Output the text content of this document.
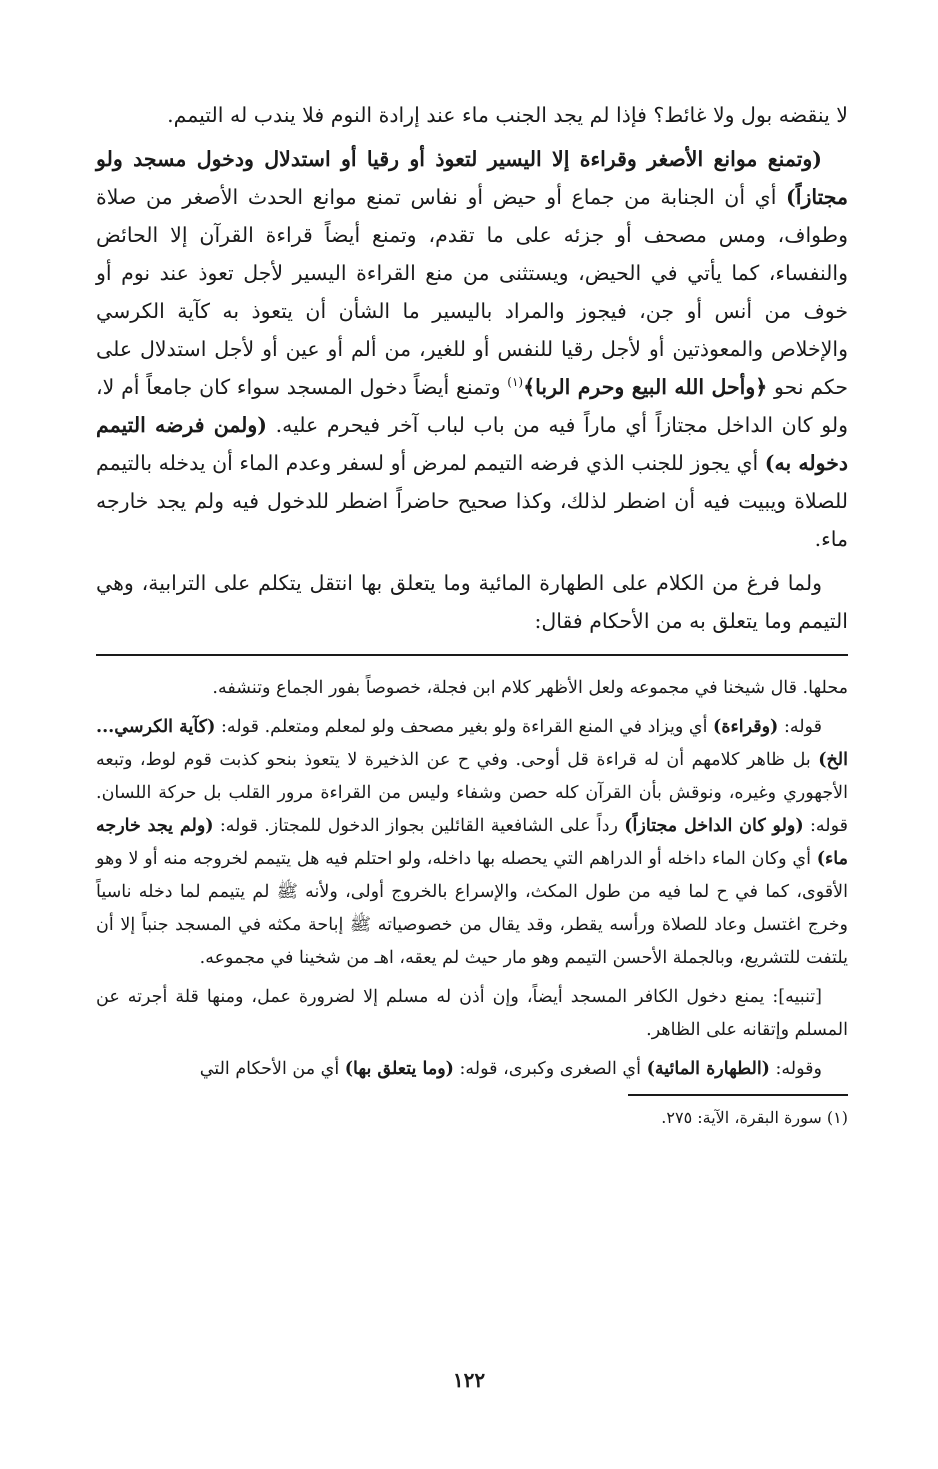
لا ينقضه بول ولا غائط؟ فإذا لم يجد الجنب ماء عند إرادة النوم فلا يندب له التيمم.

(وتمنع موانع الأصغر وقراءة إلا اليسير لتعوذ أو رقيا أو استدلال ودخول مسجد ولو مجتازاً) أي أن الجنابة من جماع أو حيض أو نفاس تمنع موانع الحدث الأصغر من صلاة وطواف، ومس مصحف أو جزئه على ما تقدم، وتمنع أيضاً قراءة القرآن إلا الحائض والنفساء، كما يأتي في الحيض، ويستثنى من منع القراءة اليسير لأجل تعوذ عند نوم أو خوف من أنس أو جن، فيجوز والمراد باليسير ما الشأن أن يتعوذ به كآية الكرسي والإخلاص والمعوذتين أو لأجل رقيا للنفس أو للغير، من ألم أو عين أو لأجل استدلال على حكم نحو ﴿وأحل الله البيع وحرم الربا﴾$^{(١)}$ وتمنع أيضاً دخول المسجد سواء كان جامعاً أم لا، ولو كان الداخل مجتازاً أي ماراً فيه من باب لباب آخر فيحرم عليه. (ولمن فرضه التيمم دخوله به) أي يجوز للجنب الذي فرضه التيمم لمرض أو لسفر وعدم الماء أن يدخله بالتيمم للصلاة ويبيت فيه أن اضطر لذلك، وكذا صحيح حاضراً اضطر للدخول فيه ولم يجد خارجه ماء.

ولما فرغ من الكلام على الطهارة المائية وما يتعلق بها انتقل يتكلم على الترابية، وهي التيمم وما يتعلق به من الأحكام فقال:

محلها. قال شيخنا في مجموعه ولعل الأظهر كلام ابن فجلة، خصوصاً بفور الجماع وتنشفه.

قوله: (وقراءة) أي ويزاد في المنع القراءة ولو بغير مصحف ولو لمعلم ومتعلم. قوله: (كآية الكرسي... الخ) بل ظاهر كلامهم أن له قراءة قل أوحى. وفي ح عن الذخيرة لا يتعوذ بنحو كذبت قوم لوط، وتبعه الأجهوري وغيره، ونوقش بأن القرآن كله حصن وشفاء وليس من القراءة مرور القلب بل حركة اللسان. قوله: (ولو كان الداخل مجتازاً) رداً على الشافعية القائلين بجواز الدخول للمجتاز. قوله: (ولم يجد خارجه ماء) أي وكان الماء داخله أو الدراهم التي يحصله بها داخله، ولو احتلم فيه هل يتيمم لخروجه منه أو لا وهو الأقوى، كما في ح لما فيه من طول المكث، والإسراع بالخروج أولى، ولأنه ﷺ لم يتيمم لما دخله ناسياً وخرج اغتسل وعاد للصلاة ورأسه يقطر، وقد يقال من خصوصياته ﷺ إباحة مكثه في المسجد جنباً إلا أن يلتفت للتشريع، وبالجملة الأحسن التيمم وهو مار حيث لم يعقه، اهـ من شخينا في مجموعه.

[تنبيه]: يمنع دخول الكافر المسجد أيضاً، وإن أذن له مسلم إلا لضرورة عمل، ومنها قلة أجرته عن المسلم وإتقانه على الظاهر.

وقوله: (الطهارة المائية) أي الصغرى وكبرى، قوله: (وما يتعلق بها) أي من الأحكام التي

(١) سورة البقرة، الآية: ٢٧٥.

١٢٢
